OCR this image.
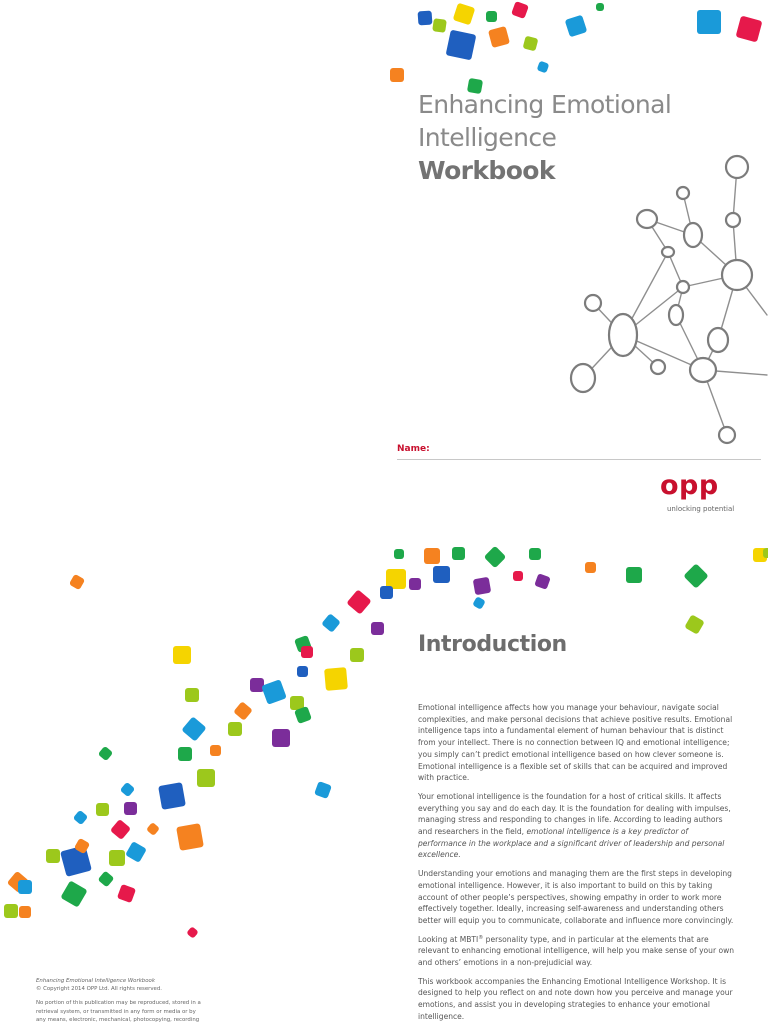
Enhancing Emotional
Intelligence
Workbook
Name:
opp
unlocking potential
Introduction

Emotional intelligence affects how you manage your behaviour, navigate social complexities, and make personal decisions that achieve positive results. Emotional intelligence taps into a fundamental element of human behaviour that is distinct from your intellect. There is no connection between IQ and emotional intelligence; you simply can’t predict emotional intelligence based on how clever someone is. Emotional intelligence is a flexible set of skills that can be acquired and improved with practice.

Your emotional intelligence is the foundation for a host of critical skills. It affects everything you say and do each day. It is the foundation for dealing with impulses, managing stress and responding to changes in life. According to leading authors and researchers in the field, emotional intelligence is a key predictor of performance in the workplace and a significant driver of leadership and personal excellence.

Understanding your emotions and managing them are the first steps in developing emotional intelligence. However, it is also important to build on this by taking account of other people’s perspectives, showing empathy in order to work more effectively together. Ideally, increasing self-awareness and understanding others better will equip you to communicate, collaborate and influence more convincingly.

Looking at MBTI® personality type, and in particular at the elements that are relevant to enhancing emotional intelligence, will help you make sense of your own and others’ emotions in a non-prejudicial way.

This workbook accompanies the Enhancing Emotional Intelligence Workshop. It is designed to help you reflect on and note down how you perceive and manage your emotions, and assist you in developing strategies to enhance your emotional intelligence.

Enhancing Emotional Intelligence Workbook

© Copyright 2014 OPP Ltd. All rights reserved.

No portion of this publication may be reproduced, stored in a retrieval system, or transmitted in any form or media or by any means, electronic, mechanical, photocopying, recording
